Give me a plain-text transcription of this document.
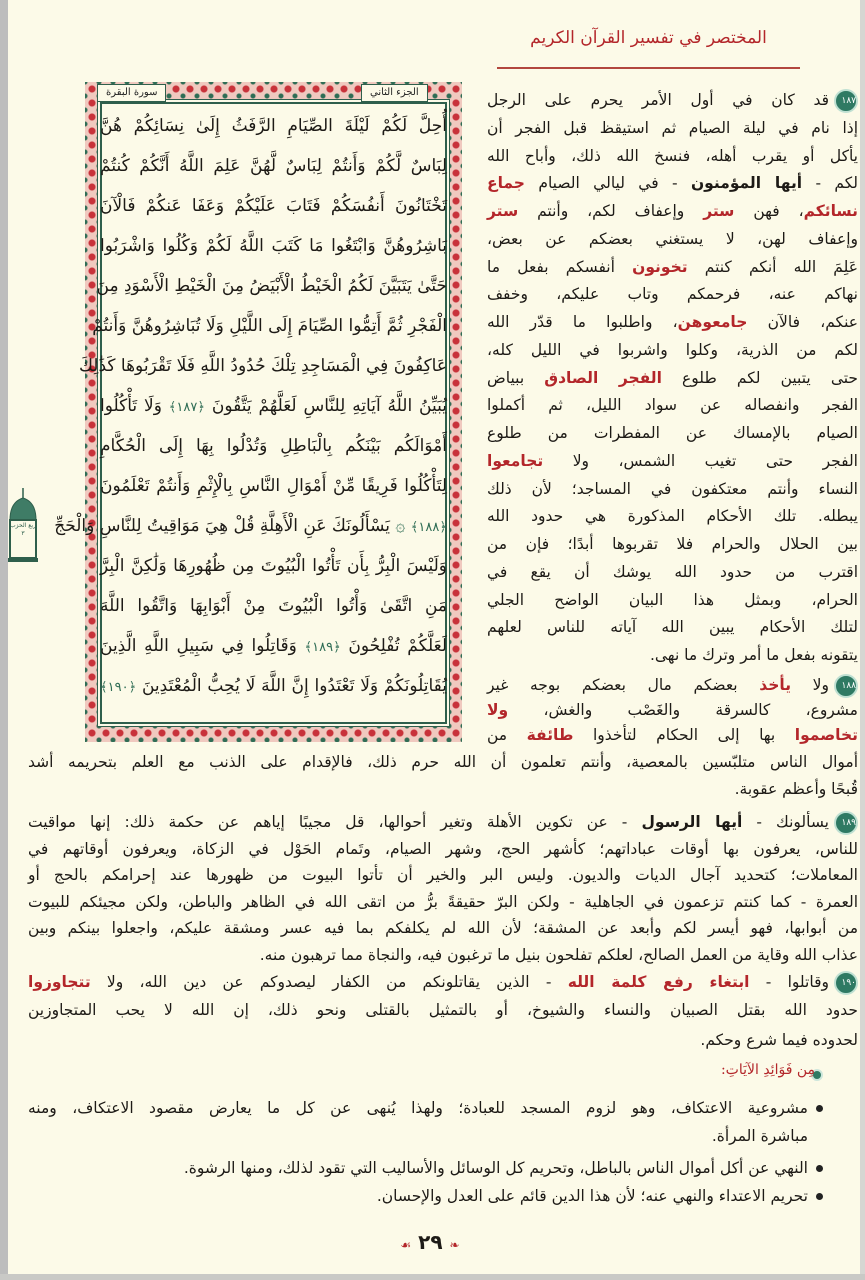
المختصر في تفسير القرآن الكريم
الجزء الثاني
سورة البقرة
أُحِلَّ لَكُمْ لَيْلَةَ الصِّيَامِ الرَّفَثُ إِلَىٰ نِسَائِكُمْ هُنَّ
لِبَاسٌ لَّكُمْ وَأَنتُمْ لِبَاسٌ لَّهُنَّ عَلِمَ اللَّهُ أَنَّكُمْ كُنتُمْ
تَخْتَانُونَ أَنفُسَكُمْ فَتَابَ عَلَيْكُمْ وَعَفَا عَنكُمْ فَالْآنَ
بَاشِرُوهُنَّ وَابْتَغُوا مَا كَتَبَ اللَّهُ لَكُمْ وَكُلُوا وَاشْرَبُوا
حَتَّىٰ يَتَبَيَّنَ لَكُمُ الْخَيْطُ الْأَبْيَضُ مِنَ الْخَيْطِ الْأَسْوَدِ مِنَ
الْفَجْرِ ثُمَّ أَتِمُّوا الصِّيَامَ إِلَى اللَّيْلِ وَلَا تُبَاشِرُوهُنَّ وَأَنتُمْ
عَاكِفُونَ فِي الْمَسَاجِدِ تِلْكَ حُدُودُ اللَّهِ فَلَا تَقْرَبُوهَا كَذَٰلِكَ
يُبَيِّنُ اللَّهُ آيَاتِهِ لِلنَّاسِ لَعَلَّهُمْ يَتَّقُونَ ﴿١٨٧﴾ وَلَا تَأْكُلُوا
أَمْوَالَكُم بَيْنَكُم بِالْبَاطِلِ وَتُدْلُوا بِهَا إِلَى الْحُكَّامِ
لِتَأْكُلُوا فَرِيقًا مِّنْ أَمْوَالِ النَّاسِ بِالْإِثْمِ وَأَنتُمْ تَعْلَمُونَ
﴿١٨٨﴾ ۞ يَسْأَلُونَكَ عَنِ الْأَهِلَّةِ قُلْ هِيَ مَوَاقِيتُ لِلنَّاسِ وَالْحَجِّ
وَلَيْسَ الْبِرُّ بِأَن تَأْتُوا الْبُيُوتَ مِن ظُهُورِهَا وَلَٰكِنَّ الْبِرَّ
مَنِ اتَّقَىٰ وَأْتُوا الْبُيُوتَ مِنْ أَبْوَابِهَا وَاتَّقُوا اللَّهَ
لَعَلَّكُمْ تُفْلِحُونَ ﴿١٨٩﴾ وَقَاتِلُوا فِي سَبِيلِ اللَّهِ الَّذِينَ
يُقَاتِلُونَكُمْ وَلَا تَعْتَدُوا إِنَّ اللَّهَ لَا يُحِبُّ الْمُعْتَدِينَ ﴿١٩٠﴾
ربع الحزب ٣
١٨٧قد كان في أول الأمر يحرم على الرجل
إذا نام في ليلة الصيام ثم استيقظ قبل الفجر أن
يأكل أو يقرب أهله، فنسخ الله ذلك، وأباح الله
لكم - أيها المؤمنون - في ليالي الصيام جماع
نسائكم، فهن ستر وإعفاف لكم، وأنتم ستر
وإعفاف لهن، لا يستغني بعضكم عن بعض،
عَلِمَ الله أنكم كنتم تخونون أنفسكم بفعل ما
نهاكم عنه، فرحمكم وتاب عليكم، وخفف
عنكم، فالآن جامعوهن، واطلبوا ما قدّر الله
لكم من الذرية، وكلوا واشربوا في الليل كله،
حتى يتبين لكم طلوع الفجر الصادق ببياض
الفجر وانفصاله عن سواد الليل، ثم أكملوا
الصيام بالإمساك عن المفطرات من طلوع
الفجر حتى تغيب الشمس، ولا تجامعوا
النساء وأنتم معتكفون في المساجد؛ لأن ذلك
يبطله. تلك الأحكام المذكورة هي حدود الله
بين الحلال والحرام فلا تقربوها أبدًا؛ فإن من
اقترب من حدود الله يوشك أن يقع في
الحرام، وبمثل هذا البيان الواضح الجلي
لتلك الأحكام يبين الله آياته للناس لعلهم
يتقونه بفعل ما أمر وترك ما نهى.
١٨٨ولا يأخذ بعضكم مال بعضكم بوجه غير
مشروع، كالسرقة والغَصْب والغش، ولا
تخاصموا بها إلى الحكام لتأخذوا طائفة من
أموال الناس متلبّسين بالمعصية، وأنتم تعلمون أن الله حرم ذلك، فالإقدام على الذنب مع العلم بتحريمه أشد
قُبحًا وأعظم عقوبة.
١٨٩يسألونك - أيها الرسول - عن تكوين الأهلة وتغير أحوالها، قل مجيبًا إياهم عن حكمة ذلك: إنها مواقيت
للناس، يعرفون بها أوقات عباداتهم؛ كأشهر الحج، وشهر الصيام، وتَمام الحَوْل في الزكاة، ويعرفون أوقاتهم في
المعاملات؛ كتحديد آجال الديات والديون. وليس البر والخير أن تأتوا البيوت من ظهورها عند إحرامكم بالحج أو
العمرة - كما كنتم تزعمون في الجاهلية - ولكن البرّ حقيقةً برُّ من اتقى الله في الظاهر والباطن، ولكن مجيئكم للبيوت
من أبوابها، فهو أيسر لكم وأبعد عن المشقة؛ لأن الله لم يكلفكم بما فيه عسر ومشقة عليكم، واجعلوا بينكم وبين
عذاب الله وقاية من العمل الصالح، لعلكم تفلحون بنيل ما ترغبون فيه، والنجاة مما ترهبون منه.
١٩٠وقاتلوا - ابتغاء رفع كلمة الله - الذين يقاتلونكم من الكفار ليصدوكم عن دين الله، ولا تتجاوزوا
حدود الله بقتل الصبيان والنساء والشيوخ، أو بالتمثيل بالقتلى ونحو ذلك، إن الله لا يحب المتجاوزين
لحدوده فيما شرع وحكم.
مِن فَوَائِدِ الآيَاتِ:
مشروعية الاعتكاف، وهو لزوم المسجد للعبادة؛ ولهذا يُنهى عن كل ما يعارض مقصود الاعتكاف، ومنه
مباشرة المرأة.
النهي عن أكل أموال الناس بالباطل، وتحريم كل الوسائل والأساليب التي تقود لذلك، ومنها الرشوة.
تحريم الاعتداء والنهي عنه؛ لأن هذا الدين قائم على العدل والإحسان.
❧ ٢٩ ☙
